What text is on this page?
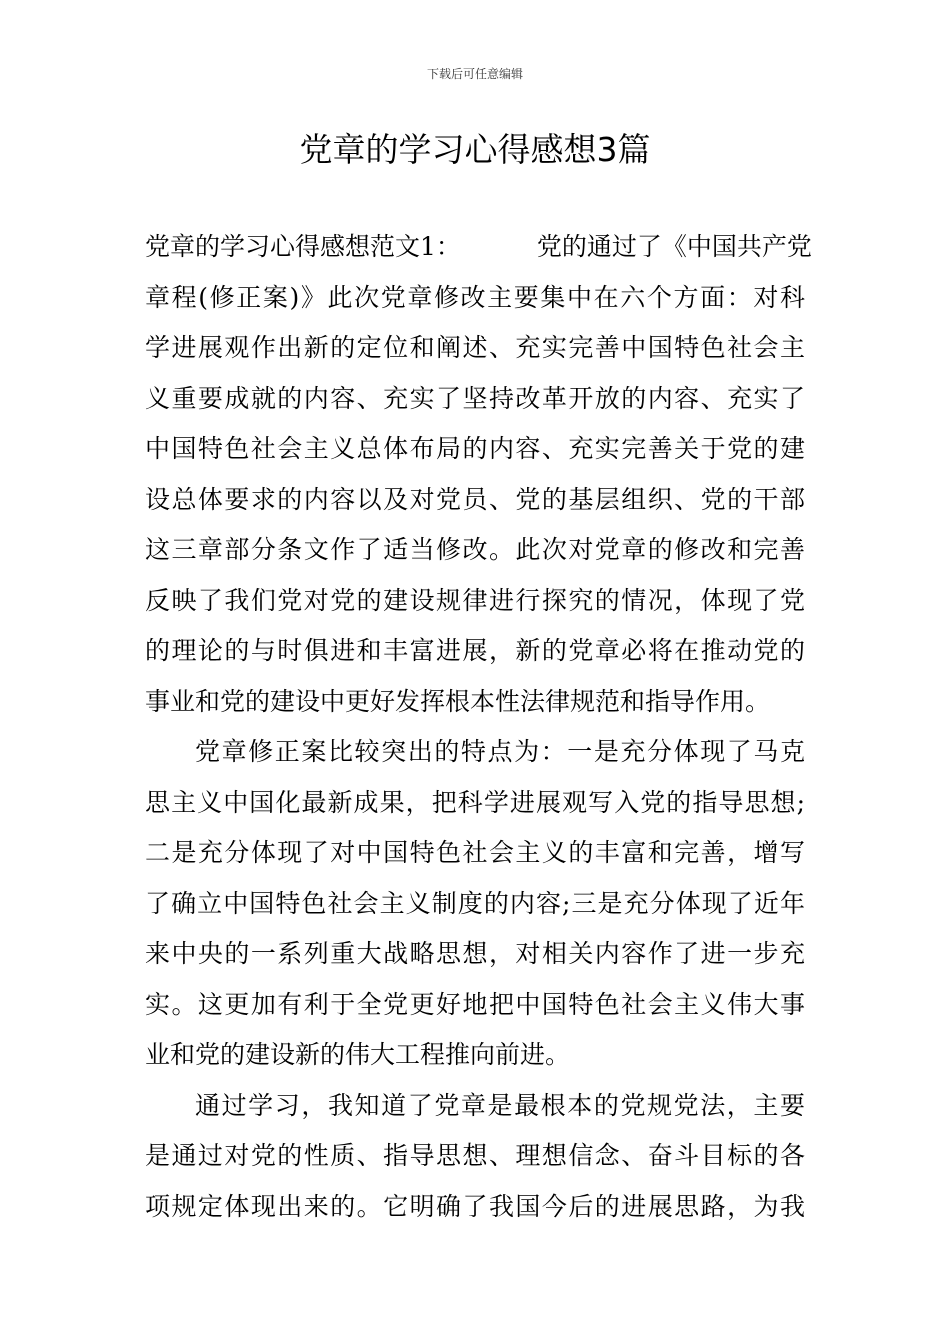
下载后可任意编辑
党章的学习心得感想3篇
党章的学习心得感想范文1：	党的通过了《中国共产党
章程(修正案)》此次党章修改主要集中在六个方面：对科
学进展观作出新的定位和阐述、充实完善中国特色社会主
义重要成就的内容、充实了坚持改革开放的内容、充实了
中国特色社会主义总体布局的内容、充实完善关于党的建
设总体要求的内容以及对党员、党的基层组织、党的干部
这三章部分条文作了适当修改。此次对党章的修改和完善
反映了我们党对党的建设规律进行探究的情况，体现了党
的理论的与时俱进和丰富进展，新的党章必将在推动党的
事业和党的建设中更好发挥根本性法律规范和指导作用。
党章修正案比较突出的特点为：一是充分体现了马克
思主义中国化最新成果，把科学进展观写入党的指导思想;
二是充分体现了对中国特色社会主义的丰富和完善，增写
了确立中国特色社会主义制度的内容;三是充分体现了近年
来中央的一系列重大战略思想，对相关内容作了进一步充
实。这更加有利于全党更好地把中国特色社会主义伟大事
业和党的建设新的伟大工程推向前进。
通过学习，我知道了党章是最根本的党规党法，主要
是通过对党的性质、指导思想、理想信念、奋斗目标的各
项规定体现出来的。它明确了我国今后的进展思路，为我
